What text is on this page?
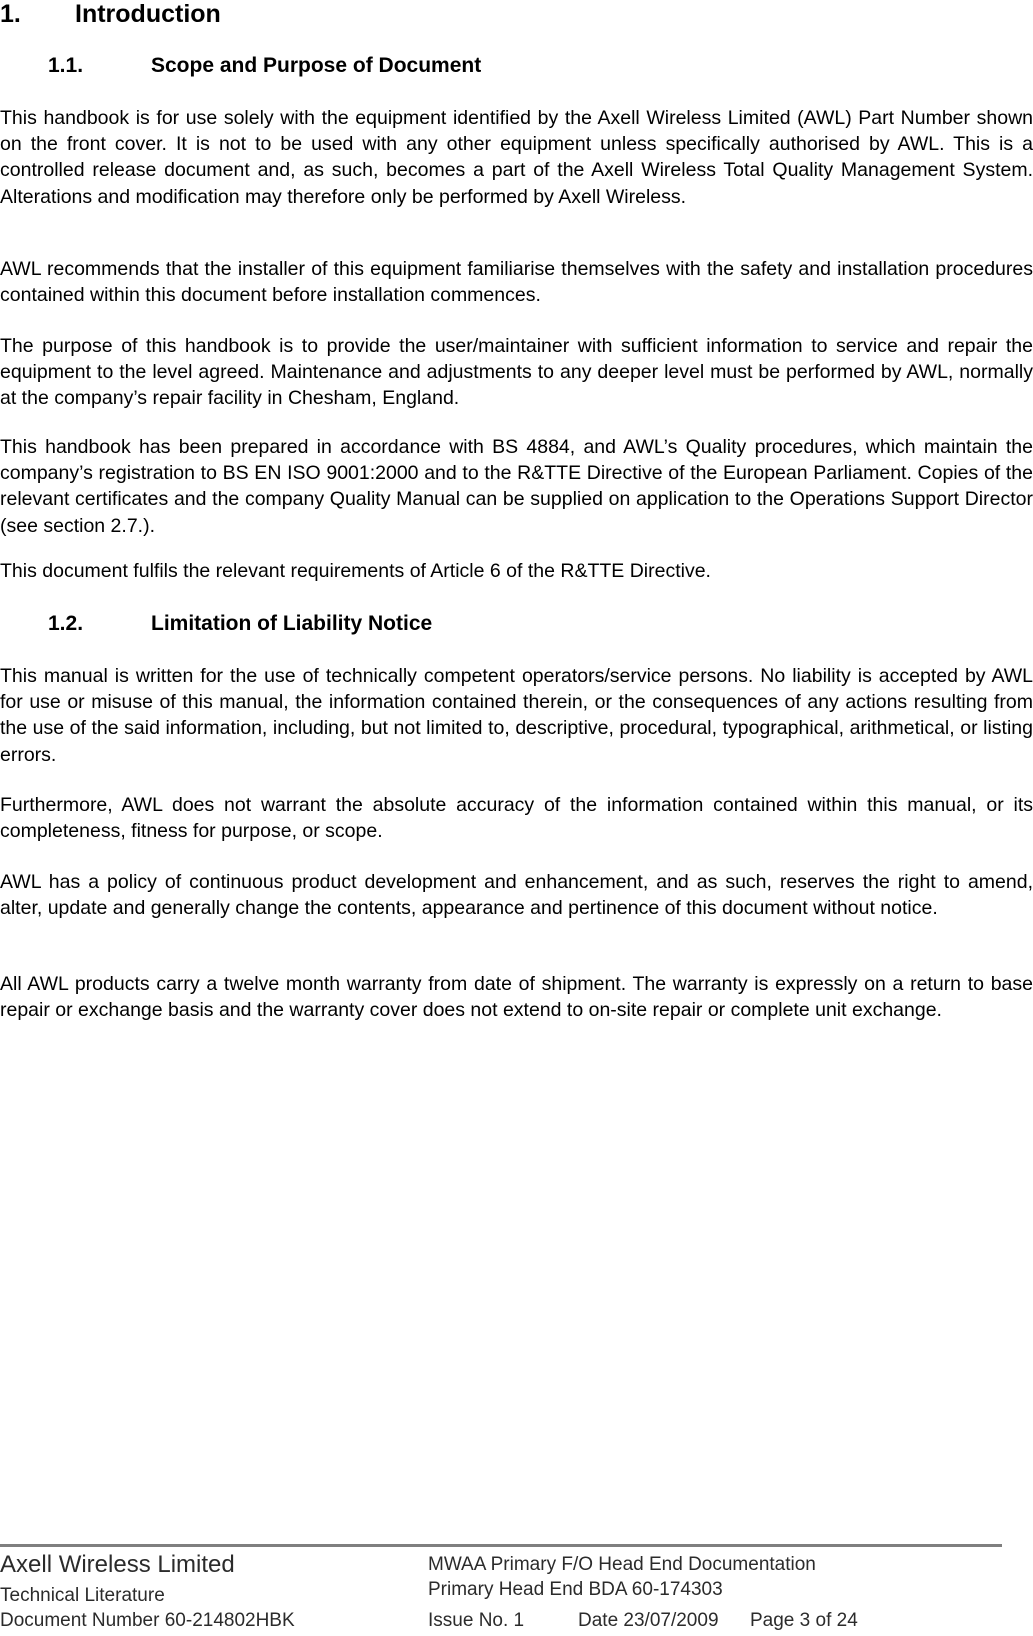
1. Introduction
1.1.	Scope and Purpose of Document

This handbook is for use solely with the equipment identified by the Axell Wireless Limited (AWL) Part Number shown on the front cover. It is not to be used with any other equipment unless specifically authorised by AWL. This is a controlled release document and, as such, becomes a part of the Axell Wireless Total Quality Management System. Alterations and modification may therefore only be performed by Axell Wireless.

AWL recommends that the installer of this equipment familiarise themselves with the safety and installation procedures contained within this document before installation commences.

The purpose of this handbook is to provide the user/maintainer with sufficient information to service and repair the equipment to the level agreed. Maintenance and adjustments to any deeper level must be performed by AWL, normally at the company’s repair facility in Chesham, England.

This handbook has been prepared in accordance with BS 4884, and AWL’s Quality procedures, which maintain the company’s registration to BS EN ISO 9001:2000 and to the R&TTE Directive of the European Parliament. Copies of the relevant certificates and the company Quality Manual can be supplied on application to the Operations Support Director (see section 2.7.).

This document fulfils the relevant requirements of Article 6 of the R&TTE Directive.

1.2.	Limitation of Liability Notice

This manual is written for the use of technically competent operators/service persons. No liability is accepted by AWL for use or misuse of this manual, the information contained therein, or the consequences of any actions resulting from the use of the said information, including, but not limited to, descriptive, procedural, typographical, arithmetical, or listing errors.

Furthermore, AWL does not warrant the absolute accuracy of the information contained within this manual, or its completeness, fitness for purpose, or scope.

AWL has a policy of continuous product development and enhancement, and as such, reserves the right to amend, alter, update and generally change the contents, appearance and pertinence of this document without notice.

All AWL products carry a twelve month warranty from date of shipment. The warranty is expressly on a return to base repair or exchange basis and the warranty cover does not extend to on-site repair or complete unit exchange.

Axell Wireless Limited
Technical Literature
Document Number 60-214802HBK
MWAA Primary F/O Head End Documentation
Primary Head End BDA 60-174303
Issue No. 1	Date 23/07/2009 Page 3 of 24
